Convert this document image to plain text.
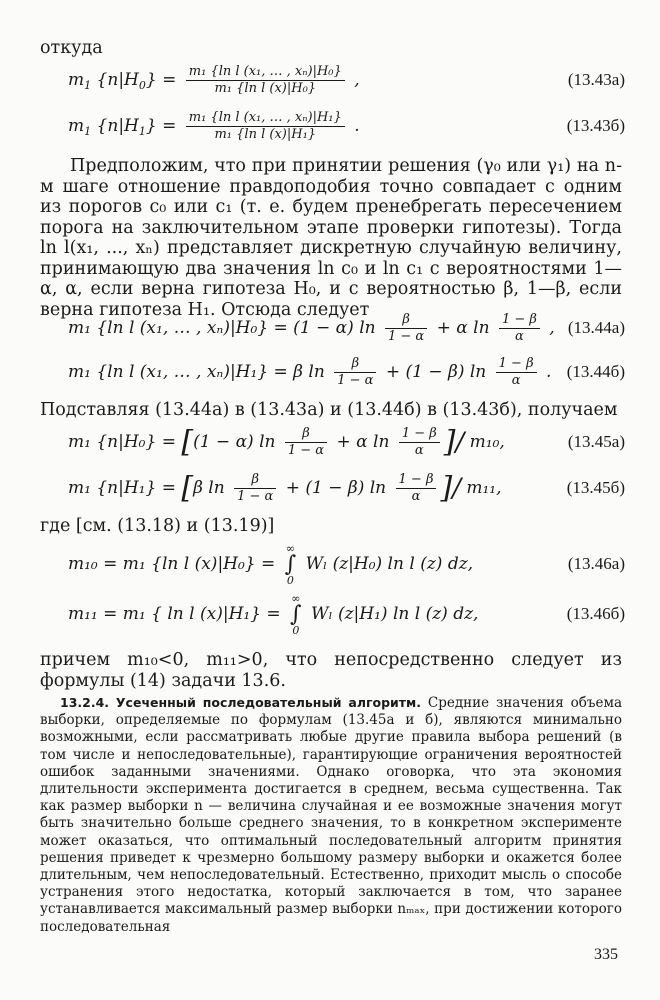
откуда
$m_1$ $\{n|H_0\} = \frac{\text{m₁ \{ln l (x₁, … , xₙ)|H₀\}}}{\text{m₁ \{ln l (x)|H₀\}}}$ ,	(13.43а)
$m_1$ $\{n|H_1\} = \frac{\text{m₁ \{ln l (x₁, … , xₙ)|H₁\}}}{\text{m₁ \{ln l (x)|H₁\}}}$ .	(13.43б)
Предположим, что при принятии решения (γ₀ или γ₁) на n-м шаге отношение правдоподобия точно совпадает с одним из порогов c₀ или c₁ (т. е. будем пренебрегать пересечением порога на заключительном этапе проверки гипотезы). Тогда ln l(x₁, ..., xₙ) представляет дискретную случайную величину, принимающую два значения ln c₀ и ln c₁ с вероятностями 1—α, α, если верна гипотеза H₀, и с вероятностью β, 1—β, если верна гипотеза H₁. Отсюда следует
m₁ {ln l (x₁, … , xₙ)|H₀} = (1 − α) $\ln \frac{\beta}{1 - \alpha} + \alpha$ $\ln \frac{1 - \beta}{\alpha}$ , (13.44а)
m₁ {ln l (x₁, … , xₙ)|H₁} = β $\ln \frac{\beta}{1 - \alpha} + (1 - \beta)$ $\ln \frac{1 - \beta}{\alpha}$ . (13.44б)
Подставляя (13.44а) в (13.43а) и (13.44б) в (13.43б), получаем
m₁ {n|H₀} = [(1 − α) $\ln \frac{\beta}{1 - \alpha} + \alpha$ $\ln \frac{1 - \beta}{\alpha}$ ]/ m₁₀,	(13.45а)
m₁ {n|H₁} = [β $\ln \frac{\beta}{1 - \alpha} + (1 - \beta)$ $\ln \frac{1 - \beta}{\alpha}$ ]/ m₁₁,	(13.45б)
где [см. (13.18) и (13.19)]
m₁₀ = m₁ {ln l (x)|H₀} = ∞
∫
0 Wₗ (z|H₀) ln l (z) dz,	(13.46а)
m₁₁ = m₁ { ln l (x)|H₁} = ∞
∫
0 Wₗ (z|H₁) ln l (z) dz,	(13.46б)
причем m₁₀<0, m₁₁>0, что непосредственно следует из формулы (14) задачи 13.6.
13.2.4. Усеченный последовательный алгоритм. Средние значения объема выборки, определяемые по формулам (13.45а и б), являются минимально возможными, если рассматривать любые другие правила выбора решений (в том числе и непоследовательные), гарантирующие ограничения вероятностей ошибок заданными значениями. Однако оговорка, что эта экономия длительности эксперимента достигается в среднем, весьма существенна. Так как размер выборки n — величина случайная и ее возможные значения могут быть значительно больше среднего значения, то в конкретном эксперименте может оказаться, что оптимальный последовательный алгоритм принятия решения приведет к чрезмерно большому размеру выборки и окажется более длительным, чем непоследовательный. Естественно, приходит мысль о способе устранения этого недостатка, который заключается в том, что заранее устанавливается максимальный размер выборки nₘₐₓ, при достижении которого последовательная
335
